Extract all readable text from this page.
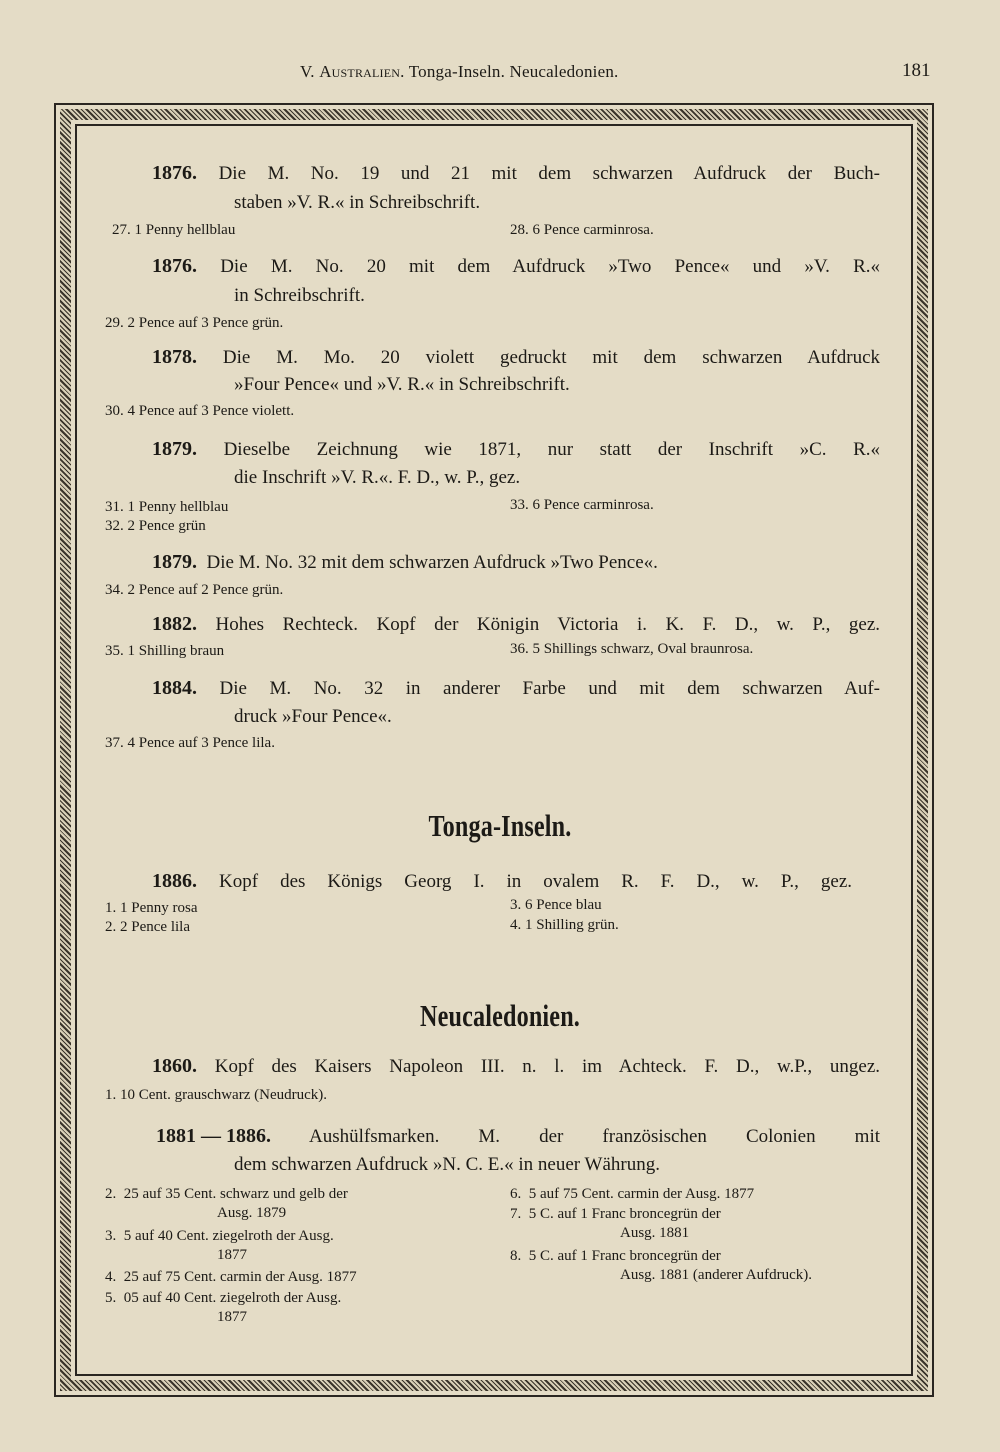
V. Australien. Tonga-Inseln. Neucaledonien.	181
1876. Die M. No. 19 und 21 mit dem schwarzen Aufdruck der Buch-
staben »V. R.« in Schreibschrift.
27. 1 Penny hellblau	28. 6 Pence carminrosa.
1876. Die M. No. 20 mit dem Aufdruck »Two Pence« und »V. R.«
in Schreibschrift.
29. 2 Pence auf 3 Pence grün.
1878. Die M. Mo. 20 violett gedruckt mit dem schwarzen Aufdruck
»Four Pence« und »V. R.« in Schreibschrift.
30. 4 Pence auf 3 Pence violett.
1879. Dieselbe Zeichnung wie 1871, nur statt der Inschrift »C. R.«
die Inschrift »V. R.«. F. D., w. P., gez.
31. 1 Penny hellblau	33. 6 Pence carminrosa.
32. 2 Pence grün
1879. Die M. No. 32 mit dem schwarzen Aufdruck »Two Pence«.
34. 2 Pence auf 2 Pence grün.
1882. Hohes Rechteck. Kopf der Königin Victoria i. K. F. D., w. P., gez.
35. 1 Shilling braun	36. 5 Shillings schwarz, Oval braunrosa.
1884. Die M. No. 32 in anderer Farbe und mit dem schwarzen Auf-
druck »Four Pence«.
37. 4 Pence auf 3 Pence lila.
Tonga-Inseln.
1886. Kopf des Königs Georg I. in ovalem R. F. D., w. P., gez.
1. 1 Penny rosa	3. 6 Pence blau
2. 2 Pence lila	4. 1 Shilling grün.
Neucaledonien.
1860. Kopf des Kaisers Napoleon III. n. l. im Achteck. F. D., w.P., ungez.
1. 10 Cent. grauschwarz (Neudruck).
1881 — 1886. Aushülfsmarken. M. der französischen Colonien mit
dem schwarzen Aufdruck »N. C. E.« in neuer Währung.
2. 25 auf 35 Cent. schwarz und gelb der
Ausg. 1879
3. 5 auf 40 Cent. ziegelroth der Ausg.
1877
4. 25 auf 75 Cent. carmin der Ausg. 1877
5. 05 auf 40 Cent. ziegelroth der Ausg.
1877
6. 5 auf 75 Cent. carmin der Ausg. 1877
7. 5 C. auf 1 Franc broncegrün der
Ausg. 1881
8. 5 C. auf 1 Franc broncegrün der
Ausg. 1881 (anderer Aufdruck).
